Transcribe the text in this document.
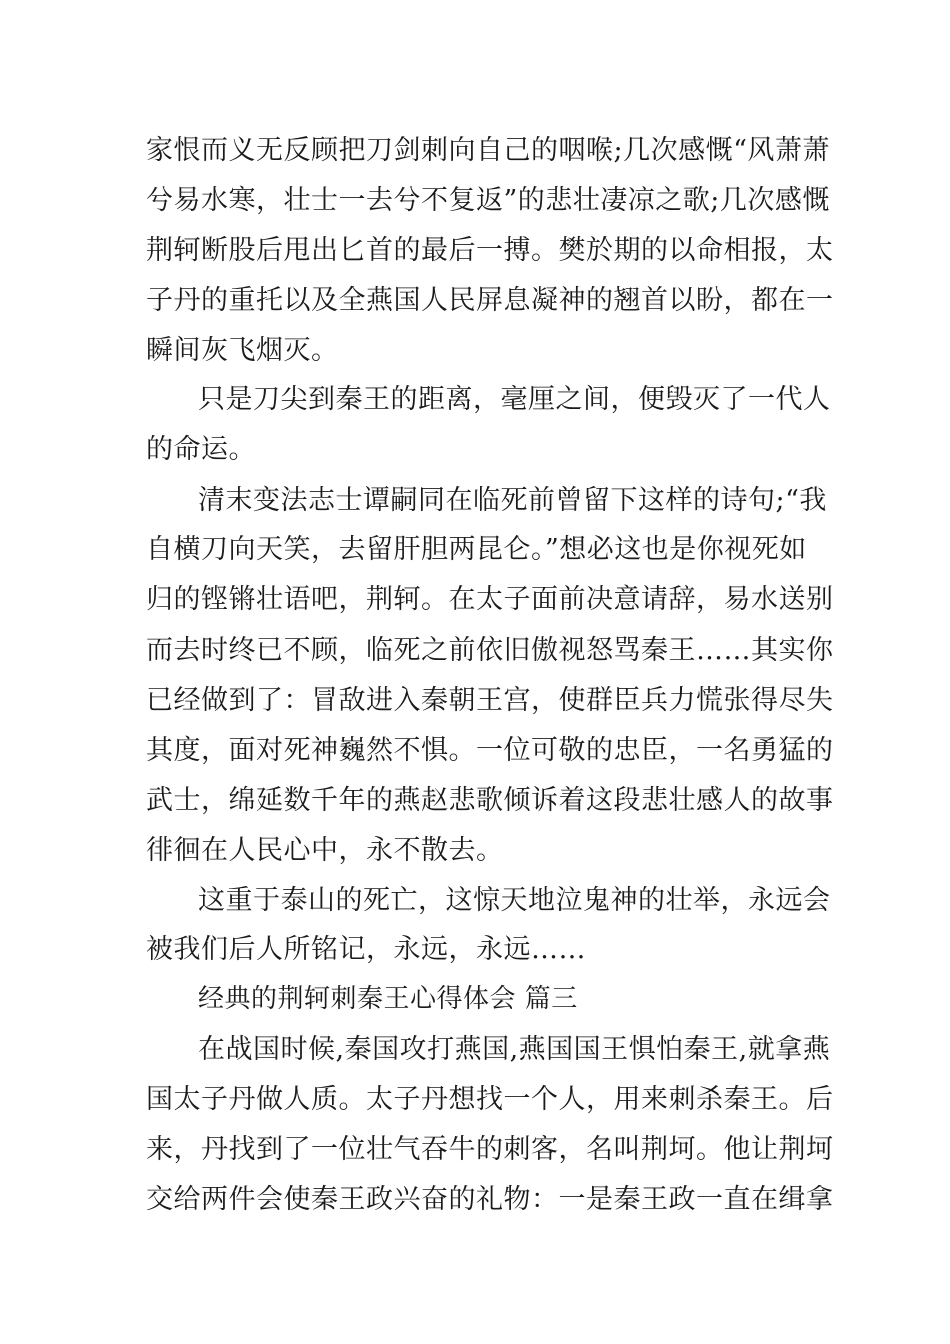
家恨而义无反顾把刀剑刺向自己的咽喉;几次感慨“风萧萧
兮易水寒，壮士一去兮不复返”的悲壮凄凉之歌;几次感慨
荆轲断股后甩出匕首的最后一搏。樊於期的以命相报，太
子丹的重托以及全燕国人民屏息凝神的翘首以盼，都在一
瞬间灰飞烟灭。
只是刀尖到秦王的距离，毫厘之间，便毁灭了一代人
的命运。
清末变法志士谭嗣同在临死前曾留下这样的诗句;“我
自横刀向天笑，去留肝胆两昆仑。”想必这也是你视死如
归的铿锵壮语吧，荆轲。在太子面前决意请辞，易水送别
而去时终已不顾，临死之前依旧傲视怒骂秦王……其实你
已经做到了：冒敌进入秦朝王宫，使群臣兵力慌张得尽失
其度，面对死神巍然不惧。一位可敬的忠臣，一名勇猛的
武士，绵延数千年的燕赵悲歌倾诉着这段悲壮感人的故事
徘徊在人民心中，永不散去。
这重于泰山的死亡，这惊天地泣鬼神的壮举，永远会
被我们后人所铭记，永远，永远……
经典的荆轲刺秦王心得体会 篇三
在战国时候,秦国攻打燕国,燕国国王惧怕秦王,就拿燕
国太子丹做人质。太子丹想找一个人，用来刺杀秦王。后
来，丹找到了一位壮气吞牛的刺客，名叫荆坷。他让荆坷
交给两件会使秦王政兴奋的礼物：一是秦王政一直在缉拿
